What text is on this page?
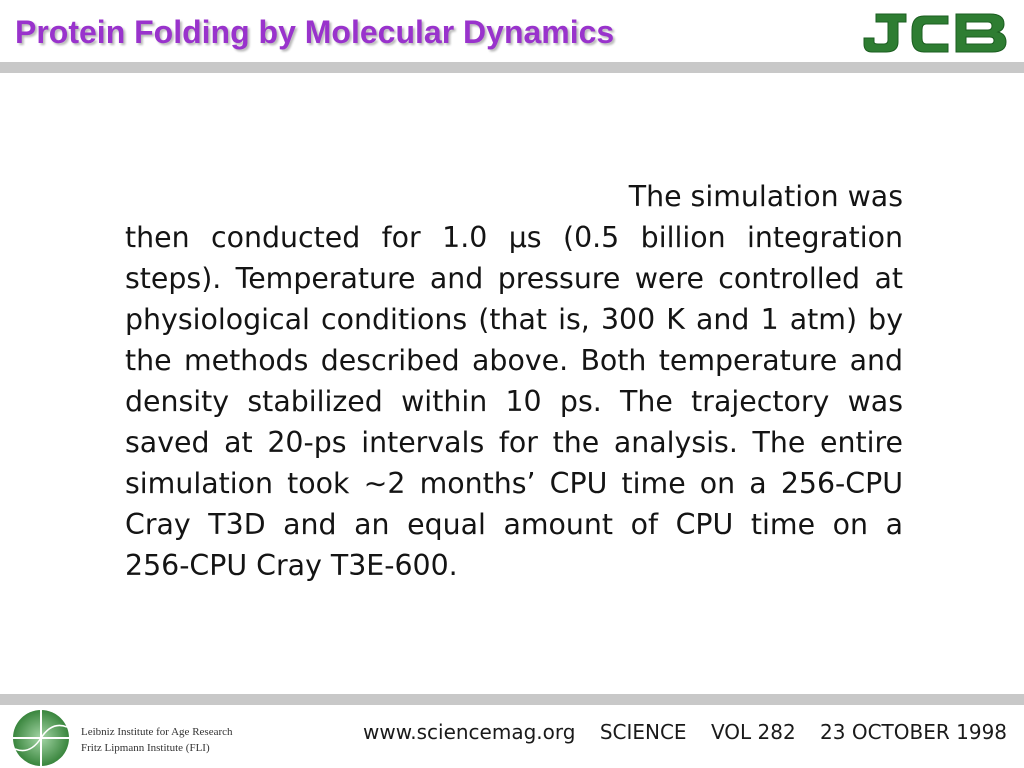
Protein Folding by Molecular Dynamics
The simulation was
then conducted for 1.0 μs (0.5 billion integration
steps). Temperature and pressure were controlled at
physiological conditions (that is, 300 K and 1 atm) by
the methods described above. Both temperature and
density stabilized within 10 ps. The trajectory was
saved at 20-ps intervals for the analysis. The entire
simulation took ∼2 months’ CPU time on a 256-CPU
Cray T3D and an equal amount of CPU time on a
256-CPU Cray T3E-600.
Leibniz Institute for Age Research
Fritz Lipmann Institute (FLI)
www.sciencemag.org SCIENCE VOL 282 23 OCTOBER 1998
